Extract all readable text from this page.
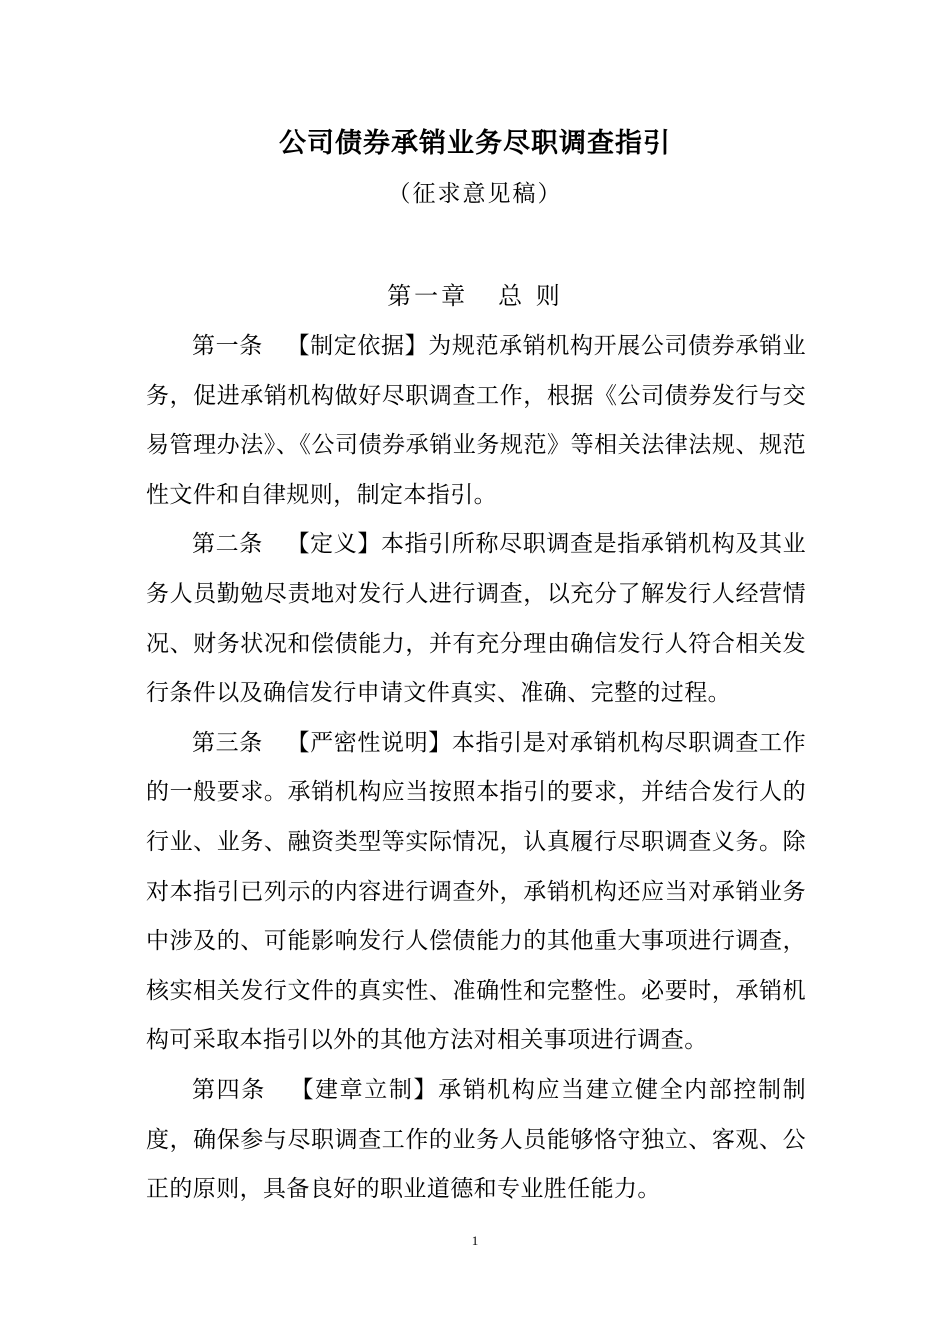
公司债券承销业务尽职调查指引
（征求意见稿）
第一章 总 则

第一条 【制定依据】为规范承销机构开展公司债券承销业务，促进承销机构做好尽职调查工作，根据《公司债券发行与交易管理办法》、《公司债券承销业务规范》等相关法律法规、规范性文件和自律规则，制定本指引。

第二条 【定义】本指引所称尽职调查是指承销机构及其业务人员勤勉尽责地对发行人进行调查，以充分了解发行人经营情况、财务状况和偿债能力，并有充分理由确信发行人符合相关发行条件以及确信发行申请文件真实、准确、完整的过程。

第三条 【严密性说明】本指引是对承销机构尽职调查工作的一般要求。承销机构应当按照本指引的要求，并结合发行人的行业、业务、融资类型等实际情况，认真履行尽职调查义务。除对本指引已列示的内容进行调查外，承销机构还应当对承销业务中涉及的、可能影响发行人偿债能力的其他重大事项进行调查，核实相关发行文件的真实性、准确性和完整性。必要时，承销机构可采取本指引以外的其他方法对相关事项进行调查。

第四条 【建章立制】承销机构应当建立健全内部控制制度，确保参与尽职调查工作的业务人员能够恪守独立、客观、公正的原则，具备良好的职业道德和专业胜任能力。

1
